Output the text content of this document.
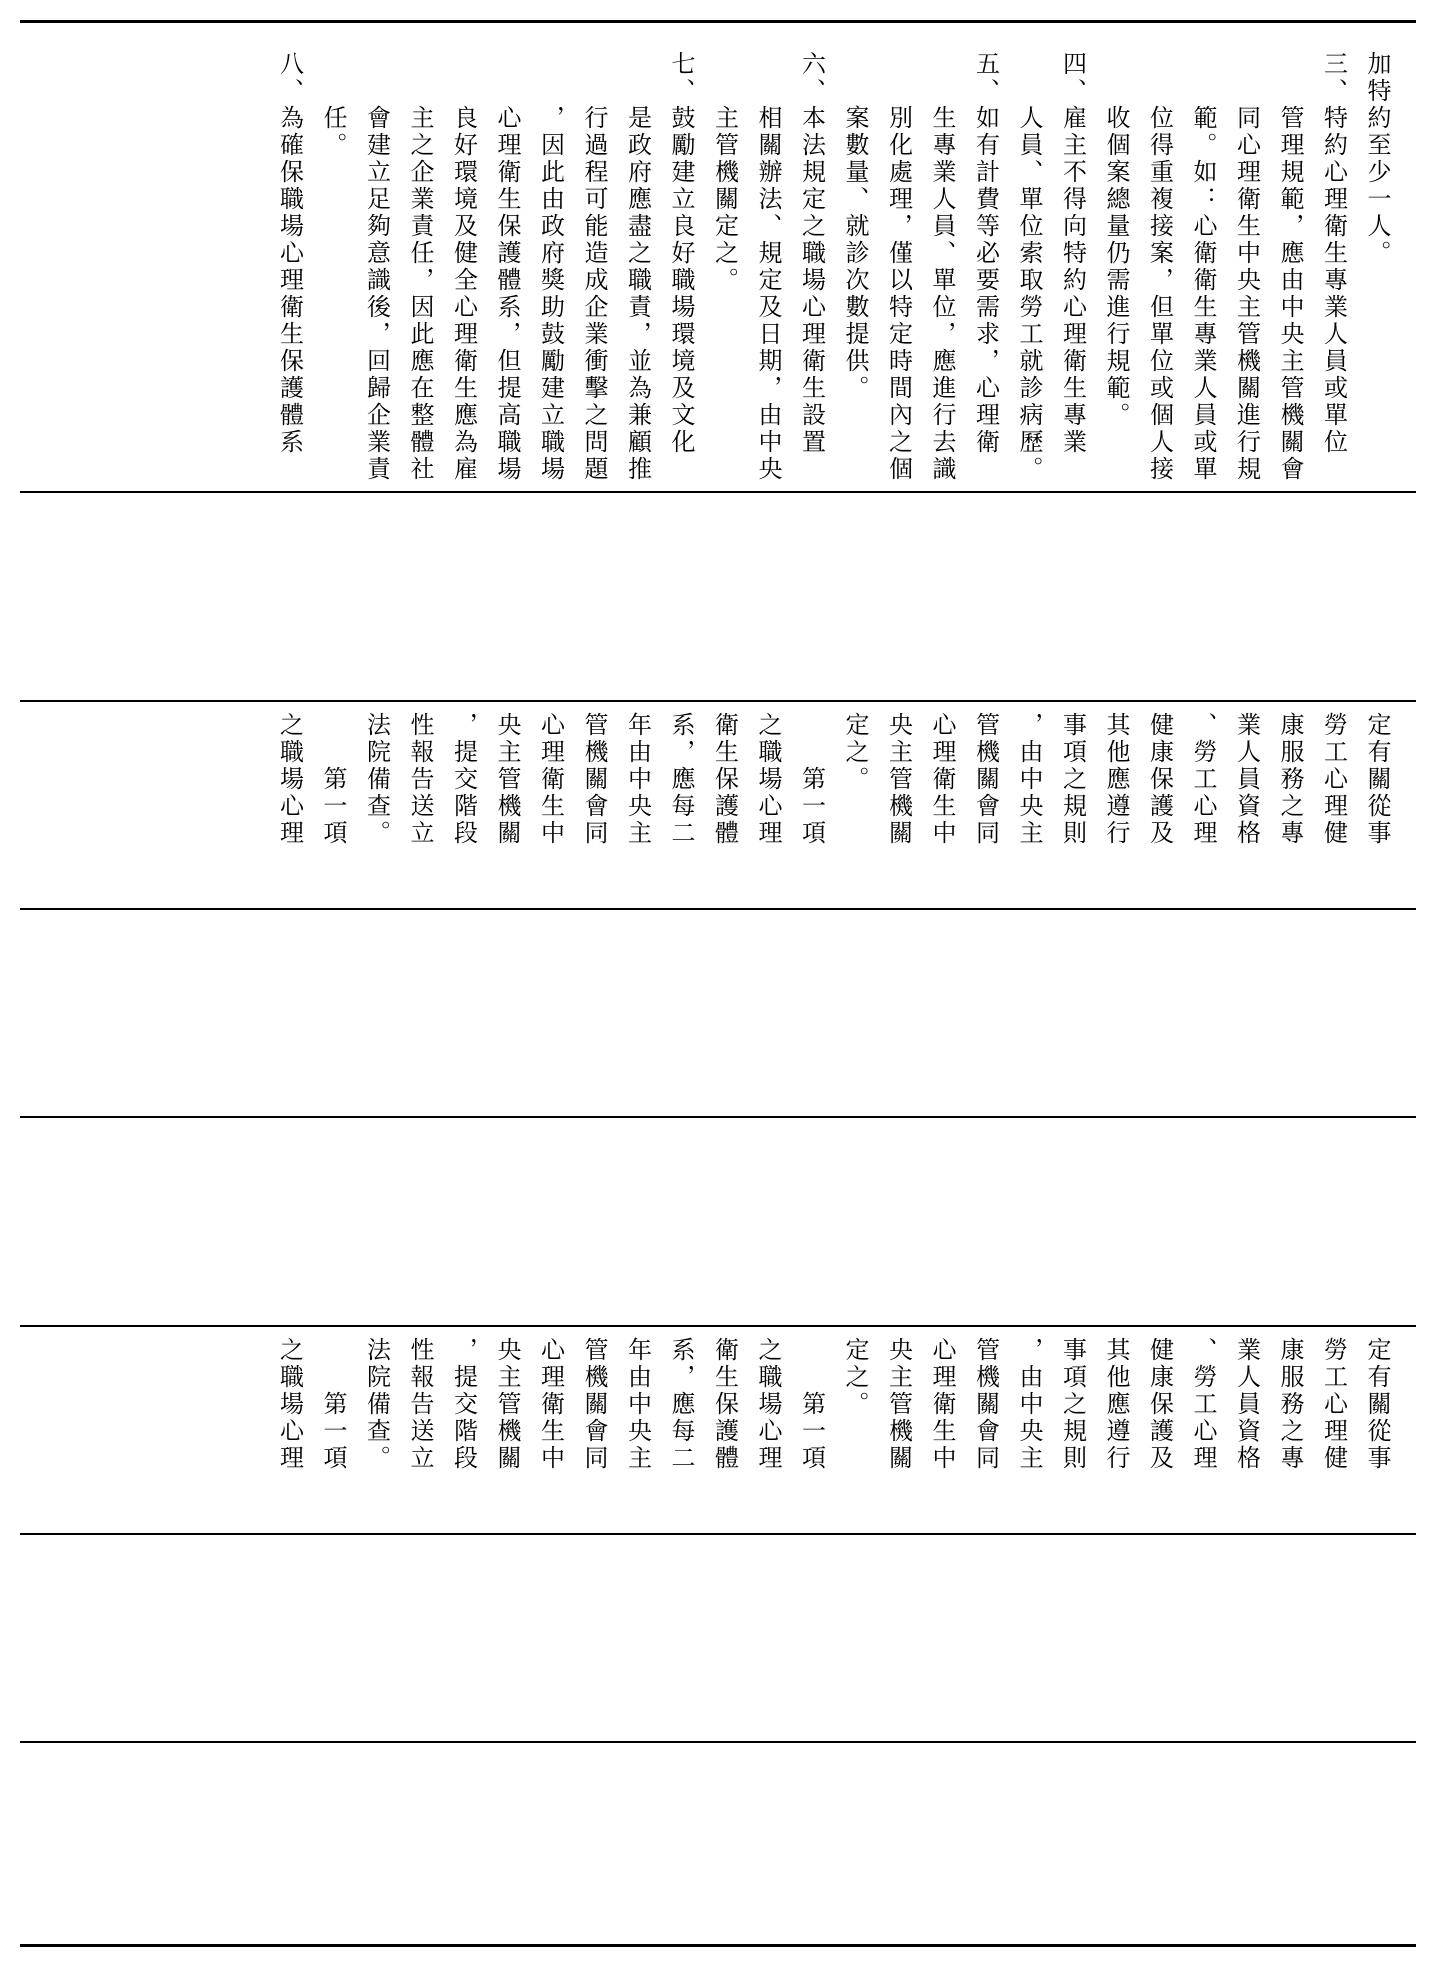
加特約至少一人。
三、特約心理衛生專業人員或單位
　　管理規範，應由中央主管機關會
　　同心理衛生中央主管機關進行規
　　範。如：心衛衛生專業人員或單
　　位得重複接案，但單位或個人接
　　收個案總量仍需進行規範。
四、雇主不得向特約心理衛生專業
　　人員、單位索取勞工就診病歷。
五、如有計費等必要需求，心理衛
　　生專業人員、單位，應進行去識
　　別化處理，僅以特定時間內之個
　　案數量、就診次數提供。
六、本法規定之職場心理衛生設置
　　相關辦法、規定及日期，由中央
　　主管機關定之。
七、鼓勵建立良好職場環境及文化
　　是政府應盡之職責，並為兼顧推
　　行過程可能造成企業衝擊之問題
　　，因此由政府獎助鼓勵建立職場
　　心理衛生保護體系，但提高職場
　　良好環境及健全心理衛生應為雇
　　主之企業責任，因此應在整體社
　　會建立足夠意識後，回歸企業責
　　任。
八、為確保職場心理衛生保護體系
定有關從事
勞工心理健
康服務之專
業人員資格
、勞工心理
健康保護及
其他應遵行
事項之規則
，由中央主
管機關會同
心理衛生中
央主管機關
定之。
　　第一項
之職場心理
衛生保護體
系，應每二
年由中央主
管機關會同
心理衛生中
央主管機關
，提交階段
性報告送立
法院備查。
　　第一項
之職場心理
定有關從事
勞工心理健
康服務之專
業人員資格
、勞工心理
健康保護及
其他應遵行
事項之規則
，由中央主
管機關會同
心理衛生中
央主管機關
定之。
　　第一項
之職場心理
衛生保護體
系，應每二
年由中央主
管機關會同
心理衛生中
央主管機關
，提交階段
性報告送立
法院備查。
　　第一項
之職場心理
